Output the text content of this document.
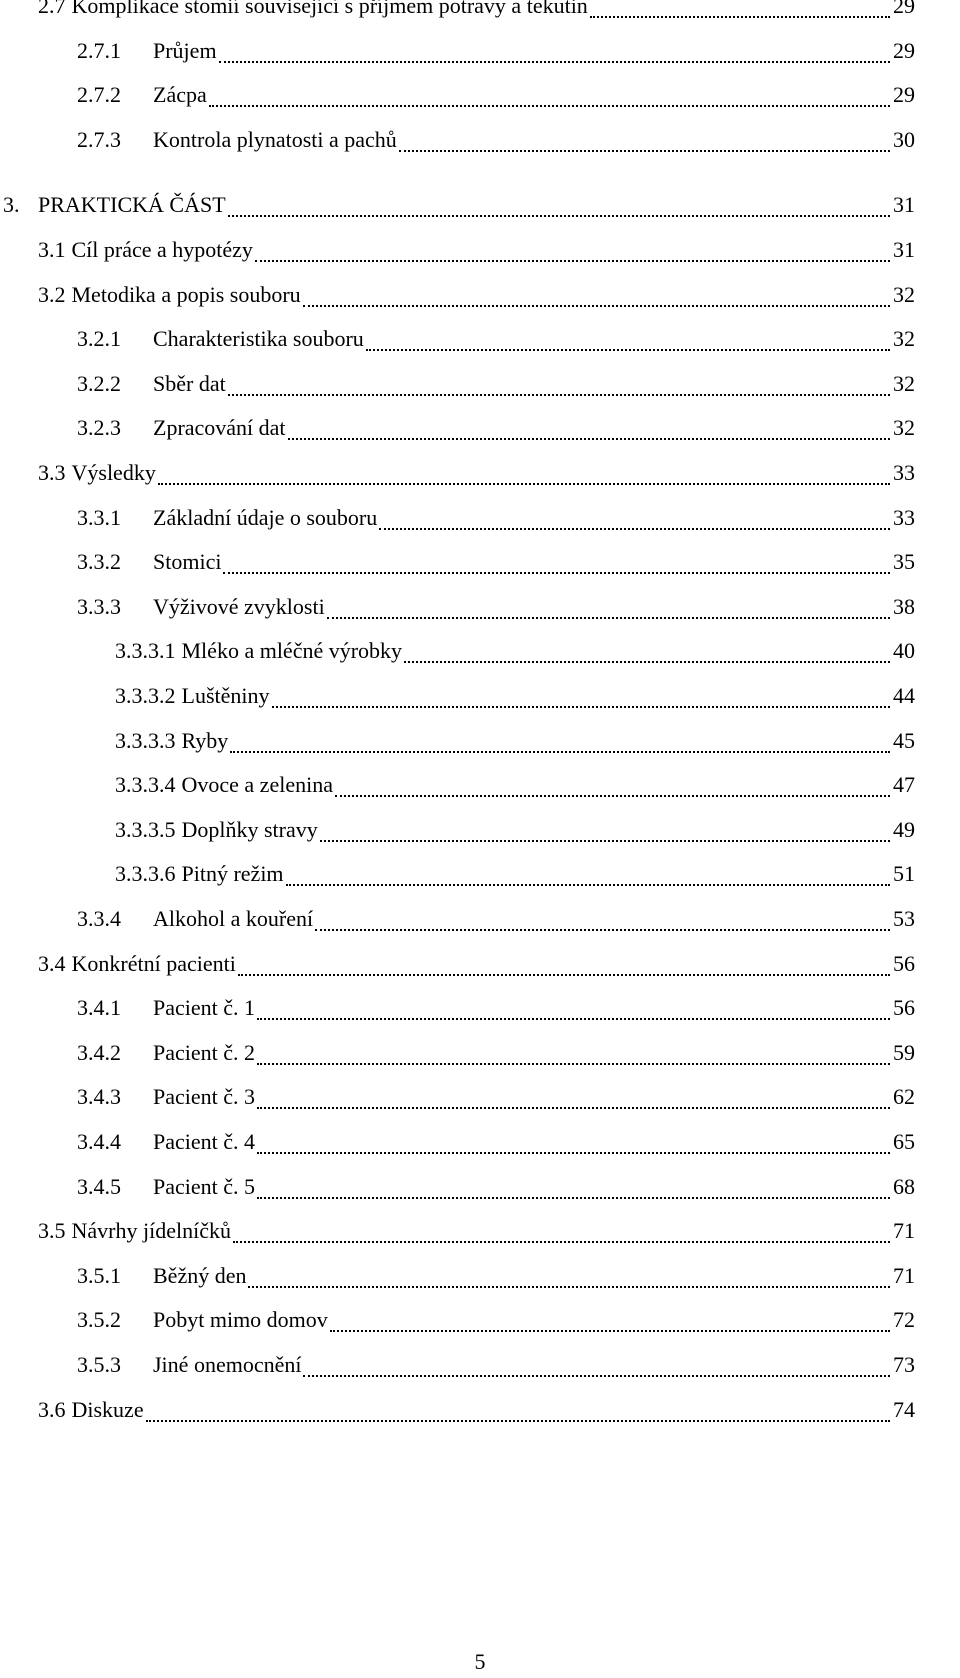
2.7 Komplikace stomií související s příjmem potravy a tekutin	29
2.7.1	Průjem	29
2.7.2	Zácpa	29
2.7.3	Kontrola plynatosti a pachů	30
3. PRAKTICKÁ ČÁST	31
3.1 Cíl práce a hypotézy	31
3.2 Metodika a popis souboru	32
3.2.1	Charakteristika souboru	32
3.2.2	Sběr dat	32
3.2.3	Zpracování dat	32
3.3 Výsledky	33
3.3.1	Základní údaje o souboru	33
3.3.2	Stomici	35
3.3.3	Výživové zvyklosti	38
3.3.3.1 Mléko a mléčné výrobky	40
3.3.3.2 Luštěniny	44
3.3.3.3 Ryby	45
3.3.3.4 Ovoce a zelenina	47
3.3.3.5 Doplňky stravy	49
3.3.3.6 Pitný režim	51
3.3.4	Alkohol a kouření	53
3.4 Konkrétní pacienti	56
3.4.1	Pacient č. 1	56
3.4.2	Pacient č. 2	59
3.4.3	Pacient č. 3	62
3.4.4	Pacient č. 4	65
3.4.5	Pacient č. 5	68
3.5 Návrhy jídelníčků	71
3.5.1	Běžný den	71
3.5.2	Pobyt mimo domov	72
3.5.3	Jiné onemocnění	73
3.6 Diskuze	74
5
